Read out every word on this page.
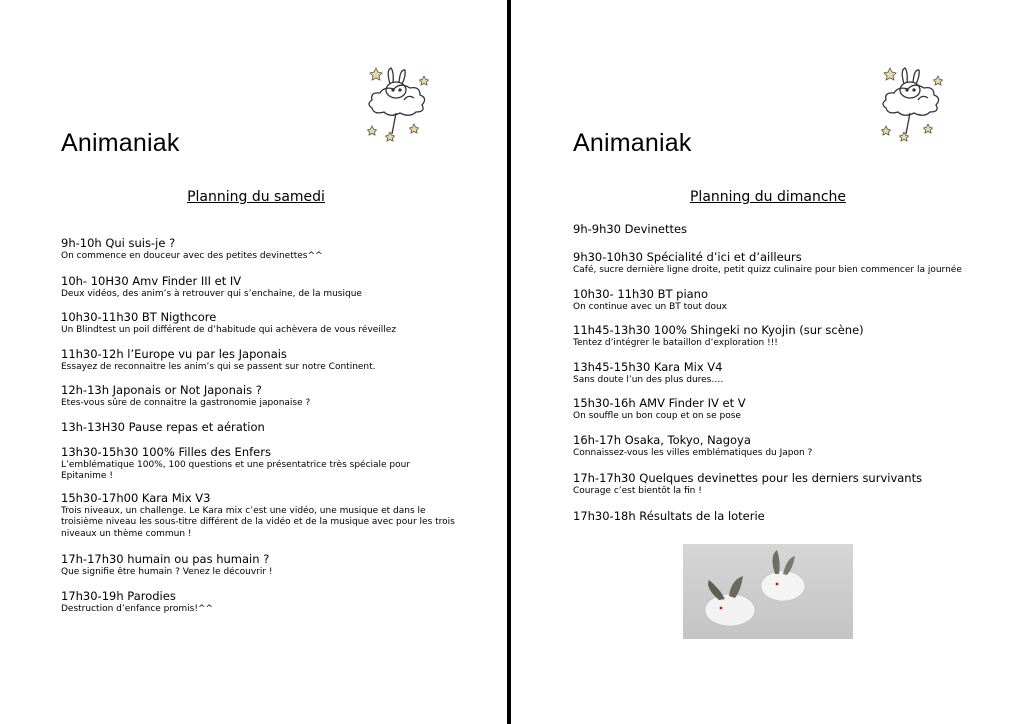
Animaniak
Planning du samedi
9h-10h Qui suis-je ?
On commence en douceur avec des petites devinettes^^
10h- 10H30 Amv Finder III et IV
Deux vidéos, des anim’s à retrouver qui s’enchaine, de la musique
10h30-11h30 BT Nigthcore
Un Blindtest un poil différent de d’habitude qui achèvera de vous réveillez
11h30-12h l’Europe vu par les Japonais
Essayez de reconnaitre les anim’s qui se passent sur notre Continent.
12h-13h Japonais or Not Japonais ?
Etes-vous sûre de connaitre la gastronomie japonaise ?
13h-13H30 Pause repas et aération
13h30-15h30 100% Filles des Enfers
L’emblématique 100%, 100 questions et une présentatrice très spéciale pour Epitanime !
15h30-17h00 Kara Mix V3
Trois niveaux, un challenge. Le Kara mix c’est une vidéo, une musique et dans le troisième niveau les sous-titre différent de la vidéo et de la musique avec pour les trois niveaux un thème commun !
17h-17h30 humain ou pas humain ?
Que signifie être humain ? Venez le découvrir !
17h30-19h Parodies
Destruction d’enfance promis!^^
Animaniak
Planning du dimanche
9h-9h30 Devinettes
9h30-10h30 Spécialité d’ici et d’ailleurs
Café, sucre dernière ligne droite, petit quizz culinaire pour bien commencer la journée
10h30- 11h30 BT piano
On continue avec un BT tout doux
11h45-13h30 100% Shingeki no Kyojin (sur scène)
Tentez d’intégrer le bataillon d’exploration !!!
13h45-15h30 Kara Mix V4
Sans doute l’un des plus dures….
15h30-16h AMV Finder IV et V
On souffle un bon coup et on se pose
16h-17h Osaka, Tokyo, Nagoya
Connaissez-vous les villes emblématiques du Japon ?
17h-17h30 Quelques devinettes pour les derniers survivants
Courage c’est bientôt la fin !
17h30-18h Résultats de la loterie
